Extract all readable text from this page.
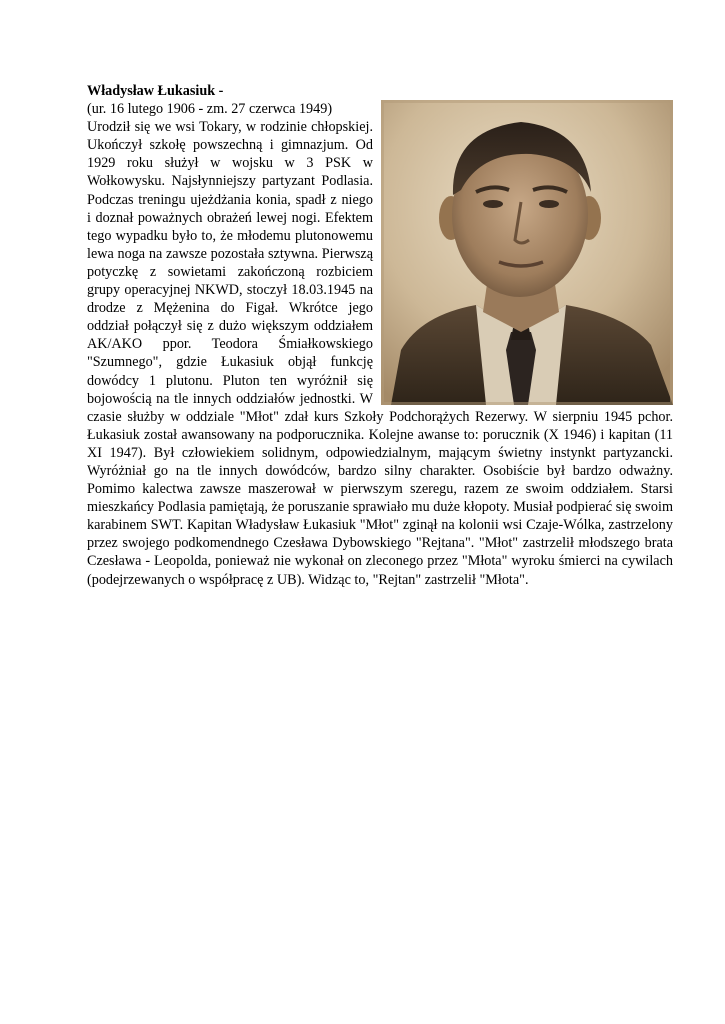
Władysław Łukasiuk -
(ur. 16 lutego 1906 - zm. 27 czerwca 1949)
Urodził się we wsi Tokary, w rodzinie chłopskiej. Ukończył szkołę powszechną i gimnazjum. Od 1929 roku służył w wojsku w 3 PSK w Wołkowysku. Najsłynniejszy partyzant Podlasia. Podczas treningu ujeżdżania konia, spadł z niego i doznał poważnych obrażeń lewej nogi. Efektem tego wypadku było to, że młodemu plutonowemu lewa noga na zawsze pozostała sztywna. Pierwszą potyczkę z sowietami zakończoną rozbiciem grupy operacyjnej NKWD, stoczył 18.03.1945 na drodze z Mężenina do Figał. Wkrótce jego oddział połączył się z dużo większym oddziałem AK/AKO ppor. Teodora Śmiałkowskiego "Szumnego", gdzie Łukasiuk objął funkcję dowódcy 1 plutonu. Pluton ten wyróżnił się bojowością na tle innych oddziałów jednostki. W czasie służby w oddziale "Młot" zdał kurs Szkoły Podchorążych Rezerwy. W sierpniu 1945 pchor. Łukasiuk został awansowany na podporucznika. Kolejne awanse to: porucznik (X 1946) i kapitan (11 XI 1947). Był człowiekiem solidnym, odpowiedzialnym, mającym świetny instynkt partyzancki. Wyróżniał go na tle innych dowódców, bardzo silny charakter. Osobiście był bardzo odważny. Pomimo kalectwa zawsze maszerował w pierwszym szeregu, razem ze swoim oddziałem. Starsi mieszkańcy Podlasia pamiętają, że poruszanie sprawiało mu duże kłopoty. Musiał podpierać się swoim karabinem SWT. Kapitan Władysław Łukasiuk "Młot" zginął na kolonii wsi Czaje-Wólka, zastrzelony przez swojego podkomendnego Czesława Dybowskiego "Rejtana". "Młot" zastrzelił młodszego brata Czesława - Leopolda, ponieważ nie wykonał on zleconego przez "Młota" wyroku śmierci na cywilach (podejrzewanych o współpracę z UB). Widząc to, "Rejtan" zastrzelił "Młota".
